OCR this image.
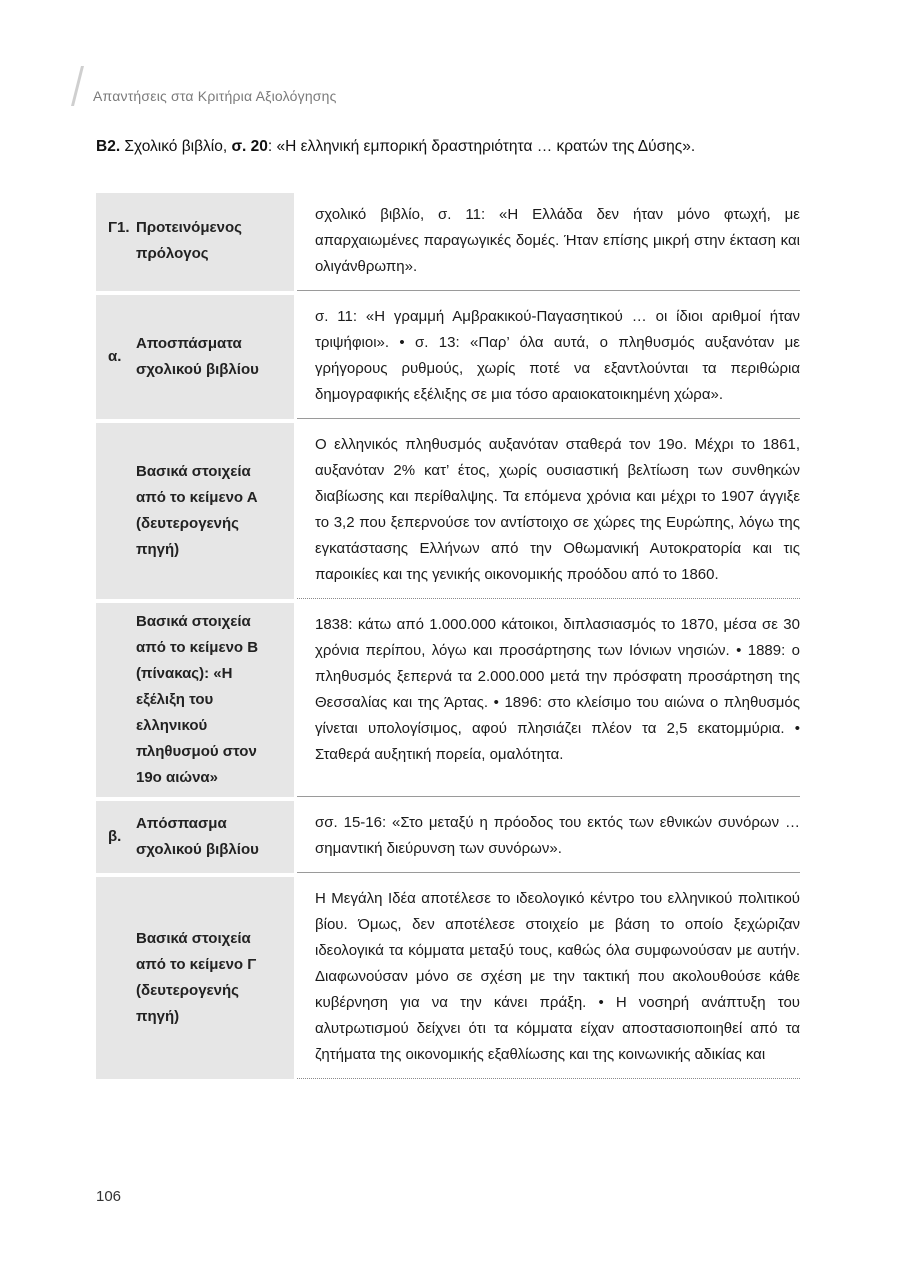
Απαντήσεις στα Κριτήρια Αξιολόγησης
Β2. Σχολικό βιβλίο, σ. 20: «Η ελληνική εμπορική δραστηριότητα … κρατών της Δύσης».
Γ1. Προτεινόμενος πρόλογος
σχολικό βιβλίο, σ. 11: «Η Ελλάδα δεν ήταν μόνο φτωχή, με απαρχαιωμένες παραγωγικές δομές. Ήταν επίσης μικρή στην έκταση και ολιγάνθρωπη».
α.
Αποσπάσματα σχολικού βιβλίου
σ. 11: «Η γραμμή Αμβρακικού-Παγασητικού … οι ίδιοι αριθμοί ήταν τριψήφιοι». • σ. 13: «Παρ’ όλα αυτά, ο πληθυσμός αυξανόταν με γρήγορους ρυθμούς, χωρίς ποτέ να εξαντλούνται τα περιθώρια δημογραφικής εξέλιξης σε μια τόσο αραιοκατοικημένη χώρα».
Βασικά στοιχεία από το κείμενο Α (δευτερογενής πηγή)
Ο ελληνικός πληθυσμός αυξανόταν σταθερά τον 19ο. Μέχρι το 1861, αυξανόταν 2% κατ’ έτος, χωρίς ουσιαστική βελτίωση των συνθηκών διαβίωσης και περίθαλψης. Τα επόμενα χρόνια και μέχρι το 1907 άγγιξε το 3,2 που ξεπερνούσε τον αντίστοιχο σε χώρες της Ευρώπης, λόγω της εγκατάστασης Ελλήνων από την Οθωμανική Αυτοκρατορία και τις παροικίες και της γενικής οικονομικής προόδου από το 1860.
Βασικά στοιχεία από το κείμενο Β (πίνακας): «Η εξέλιξη του ελληνικού πληθυσμού στον 19ο αιώνα»
1838: κάτω από 1.000.000 κάτοικοι, διπλασιασμός το 1870, μέσα σε 30 χρόνια περίπου, λόγω και προσάρτησης των Ιόνιων νησιών. • 1889: ο πληθυσμός ξεπερνά τα 2.000.000 μετά την πρόσφατη προσάρτηση της Θεσσαλίας και της Άρτας. • 1896: στο κλείσιμο του αιώνα ο πληθυσμός γίνεται υπολογίσιμος, αφού πλησιάζει πλέον τα 2,5 εκατομμύρια. • Σταθερά αυξητική πορεία, ομαλότητα.
β.
Απόσπασμα σχολικού βιβλίου
σσ. 15-16: «Στο μεταξύ η πρόοδος του εκτός των εθνικών συνόρων … σημαντική διεύρυνση των συνόρων».
Βασικά στοιχεία από το κείμενο Γ (δευτερογενής πηγή)
Η Μεγάλη Ιδέα αποτέλεσε το ιδεολογικό κέντρο του ελληνικού πολιτικού βίου. Όμως, δεν αποτέλεσε στοιχείο με βάση το οποίο ξεχώριζαν ιδεολογικά τα κόμματα μεταξύ τους, καθώς όλα συμφωνούσαν με αυτήν. Διαφωνούσαν μόνο σε σχέση με την τακτική που ακολουθούσε κάθε κυβέρνηση για να την κάνει πράξη. • Η νοσηρή ανάπτυξη του αλυτρωτισμού δείχνει ότι τα κόμματα είχαν αποστασιοποιηθεί από τα ζητήματα της οικονομικής εξαθλίωσης και της κοινωνικής αδικίας και
106
